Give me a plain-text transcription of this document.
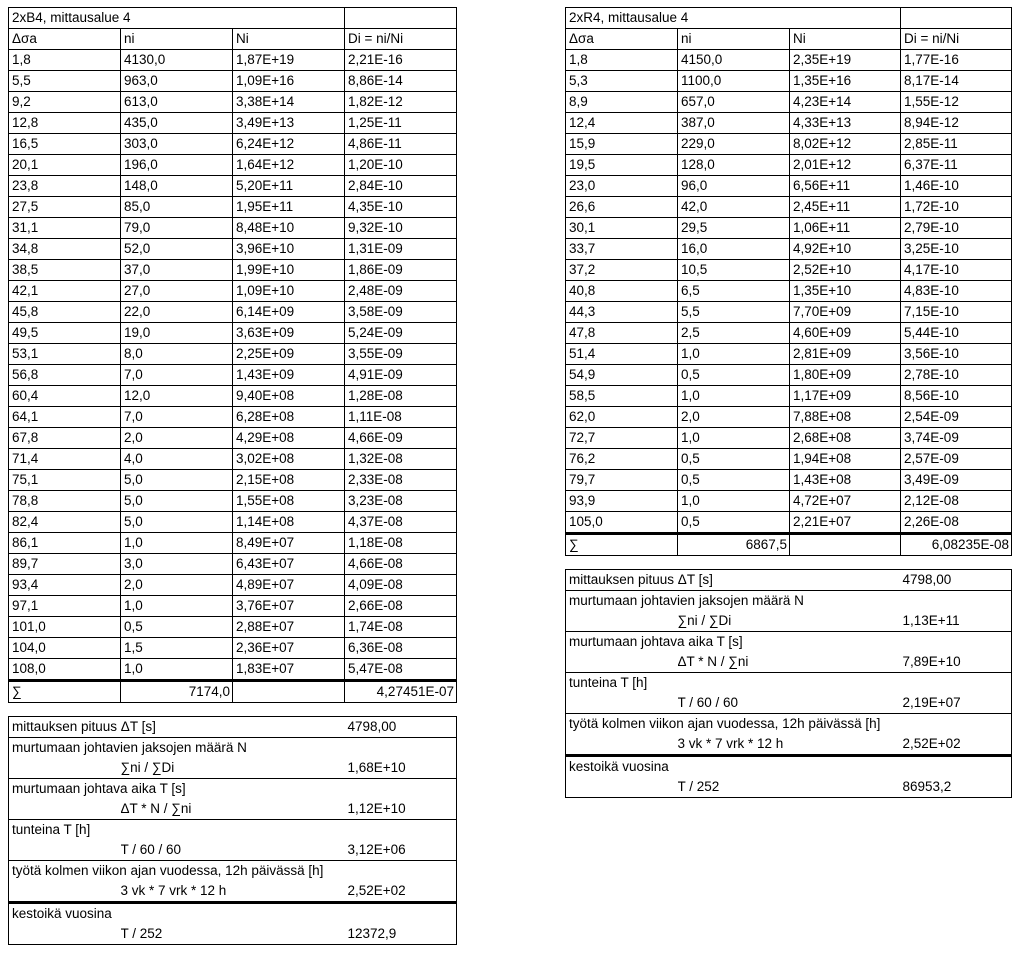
2xB4, mittausalue 4			
Δσa	ni	Ni	Di = ni/Ni
1,8	4130,0	1,87E+19	2,21E-16
5,5	963,0	1,09E+16	8,86E-14
9,2	613,0	3,38E+14	1,82E-12
12,8	435,0	3,49E+13	1,25E-11
16,5	303,0	6,24E+12	4,86E-11
20,1	196,0	1,64E+12	1,20E-10
23,8	148,0	5,20E+11	2,84E-10
27,5	85,0	1,95E+11	4,35E-10
31,1	79,0	8,48E+10	9,32E-10
34,8	52,0	3,96E+10	1,31E-09
38,5	37,0	1,99E+10	1,86E-09
42,1	27,0	1,09E+10	2,48E-09
45,8	22,0	6,14E+09	3,58E-09
49,5	19,0	3,63E+09	5,24E-09
53,1	8,0	2,25E+09	3,55E-09
56,8	7,0	1,43E+09	4,91E-09
60,4	12,0	9,40E+08	1,28E-08
64,1	7,0	6,28E+08	1,11E-08
67,8	2,0	4,29E+08	4,66E-09
71,4	4,0	3,02E+08	1,32E-08
75,1	5,0	2,15E+08	2,33E-08
78,8	5,0	1,55E+08	3,23E-08
82,4	5,0	1,14E+08	4,37E-08
86,1	1,0	8,49E+07	1,18E-08
89,7	3,0	6,43E+07	4,66E-08
93,4	2,0	4,89E+07	4,09E-08
97,1	1,0	3,76E+07	2,66E-08
101,0	0,5	2,88E+07	1,74E-08
104,0	1,5	2,36E+07	6,36E-08
108,0	1,0	1,83E+07	5,47E-08
∑	7174,0		4,27451E-07
mittauksen pituus ΔT [s]		4798,00
murtumaan johtavien jaksojen määrä N		
	∑ni / ∑Di	1,68E+10
murtumaan johtava aika T [s]		
	ΔT * N / ∑ni	1,12E+10
tunteina T [h]		
	T / 60 / 60	3,12E+06
työtä kolmen viikon ajan vuodessa, 12h päivässä [h]		
	3 vk * 7 vrk * 12 h	2,52E+02
kestoikä vuosina		
	T / 252	12372,9
2xR4, mittausalue 4			
Δσa	ni	Ni	Di = ni/Ni
1,8	4150,0	2,35E+19	1,77E-16
5,3	1100,0	1,35E+16	8,17E-14
8,9	657,0	4,23E+14	1,55E-12
12,4	387,0	4,33E+13	8,94E-12
15,9	229,0	8,02E+12	2,85E-11
19,5	128,0	2,01E+12	6,37E-11
23,0	96,0	6,56E+11	1,46E-10
26,6	42,0	2,45E+11	1,72E-10
30,1	29,5	1,06E+11	2,79E-10
33,7	16,0	4,92E+10	3,25E-10
37,2	10,5	2,52E+10	4,17E-10
40,8	6,5	1,35E+10	4,83E-10
44,3	5,5	7,70E+09	7,15E-10
47,8	2,5	4,60E+09	5,44E-10
51,4	1,0	2,81E+09	3,56E-10
54,9	0,5	1,80E+09	2,78E-10
58,5	1,0	1,17E+09	8,56E-10
62,0	2,0	7,88E+08	2,54E-09
72,7	1,0	2,68E+08	3,74E-09
76,2	0,5	1,94E+08	2,57E-09
79,7	0,5	1,43E+08	3,49E-09
93,9	1,0	4,72E+07	2,12E-08
105,0	0,5	2,21E+07	2,26E-08
∑	6867,5		6,08235E-08
mittauksen pituus ΔT [s]		4798,00
murtumaan johtavien jaksojen määrä N		
	∑ni / ∑Di	1,13E+11
murtumaan johtava aika T [s]		
	ΔT * N / ∑ni	7,89E+10
tunteina T [h]		
	T / 60 / 60	2,19E+07
työtä kolmen viikon ajan vuodessa, 12h päivässä [h]		
	3 vk * 7 vrk * 12 h	2,52E+02
kestoikä vuosina		
	T / 252	86953,2
